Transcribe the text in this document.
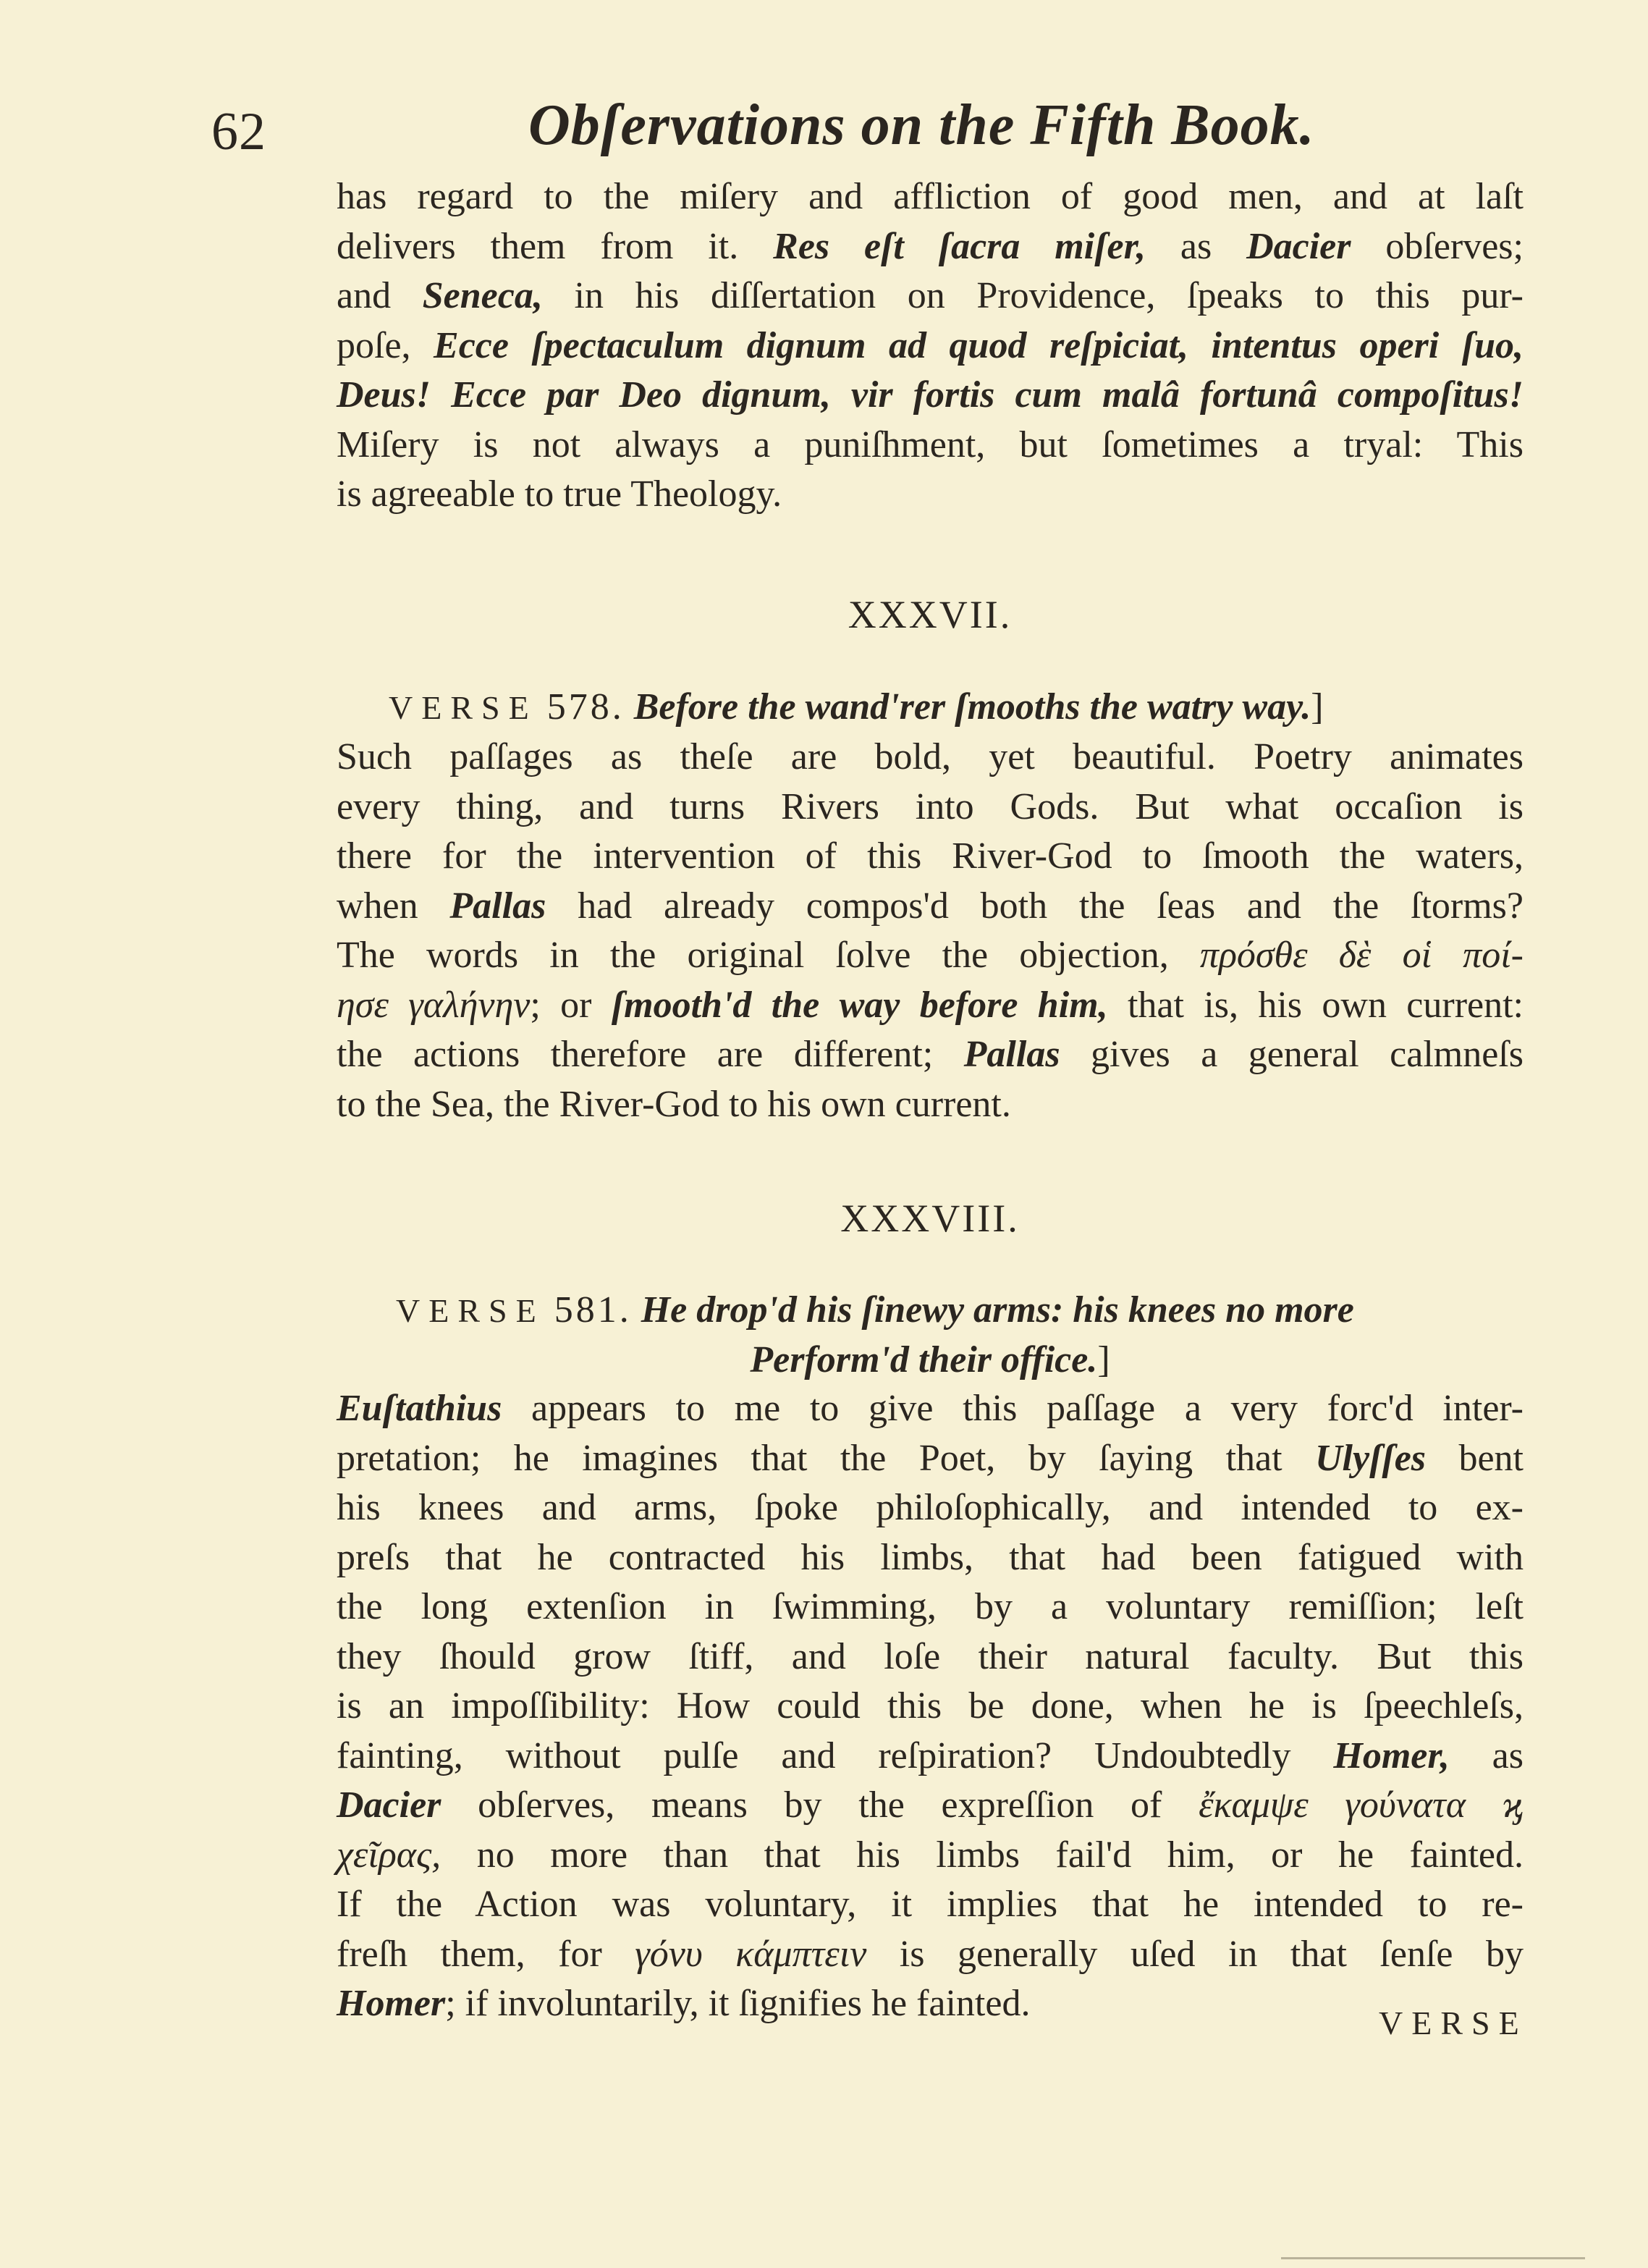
62	Obſervations on the Fifth Book.
has regard to the miſery and affliction of good men, and at laſt
delivers them from it. Res eſt ſacra miſer, as Dacier obſerves;
and Seneca, in his diſſertation on Providence, ſpeaks to this pur-
poſe, Ecce ſpectaculum dignum ad quod reſpiciat, intentus operi ſuo,
Deus! Ecce par Deo dignum, vir fortis cum malâ fortunâ compoſitus!
Miſery is not always a puniſhment, but ſometimes a tryal: This
is agreeable to true Theology.
XXXVII.
VERSE 578. Before the wand'rer ſmooths the watry way.]
Such paſſages as theſe are bold, yet beautiful. Poetry animates
every thing, and turns Rivers into Gods. But what occaſion is
there for the intervention of this River-God to ſmooth the waters,
when Pallas had already compos'd both the ſeas and the ſtorms?
The words in the original ſolve the objection, πρόσθε δὲ οἱ ποί-
ησε γαλήνην; or ſmooth'd the way before him, that is, his own current:
the actions therefore are different; Pallas gives a general calmneſs
to the Sea, the River-God to his own current.
XXXVIII.
VERSE 581. He drop'd his ſinewy arms: his knees no more
Perform'd their office.]
Euſtathius appears to me to give this paſſage a very forc'd inter-
pretation; he imagines that the Poet, by ſaying that Ulyſſes bent
his knees and arms, ſpoke philoſophically, and intended to ex-
preſs that he contracted his limbs, that had been fatigued with
the long extenſion in ſwimming, by a voluntary remiſſion; leſt
they ſhould grow ſtiff, and loſe their natural faculty. But this
is an impoſſibility: How could this be done, when he is ſpeechleſs,
fainting, without pulſe and reſpiration? Undoubtedly Homer, as
Dacier obſerves, means by the expreſſion of ἔκαμψε γούνατα ϗ
χεῖρας, no more than that his limbs fail'd him, or he fainted.
If the Action was voluntary, it implies that he intended to re-
freſh them, for γόνυ κάμπτειν is generally uſed in that ſenſe by
Homer; if involuntarily, it ſignifies he fainted.	VERSE
